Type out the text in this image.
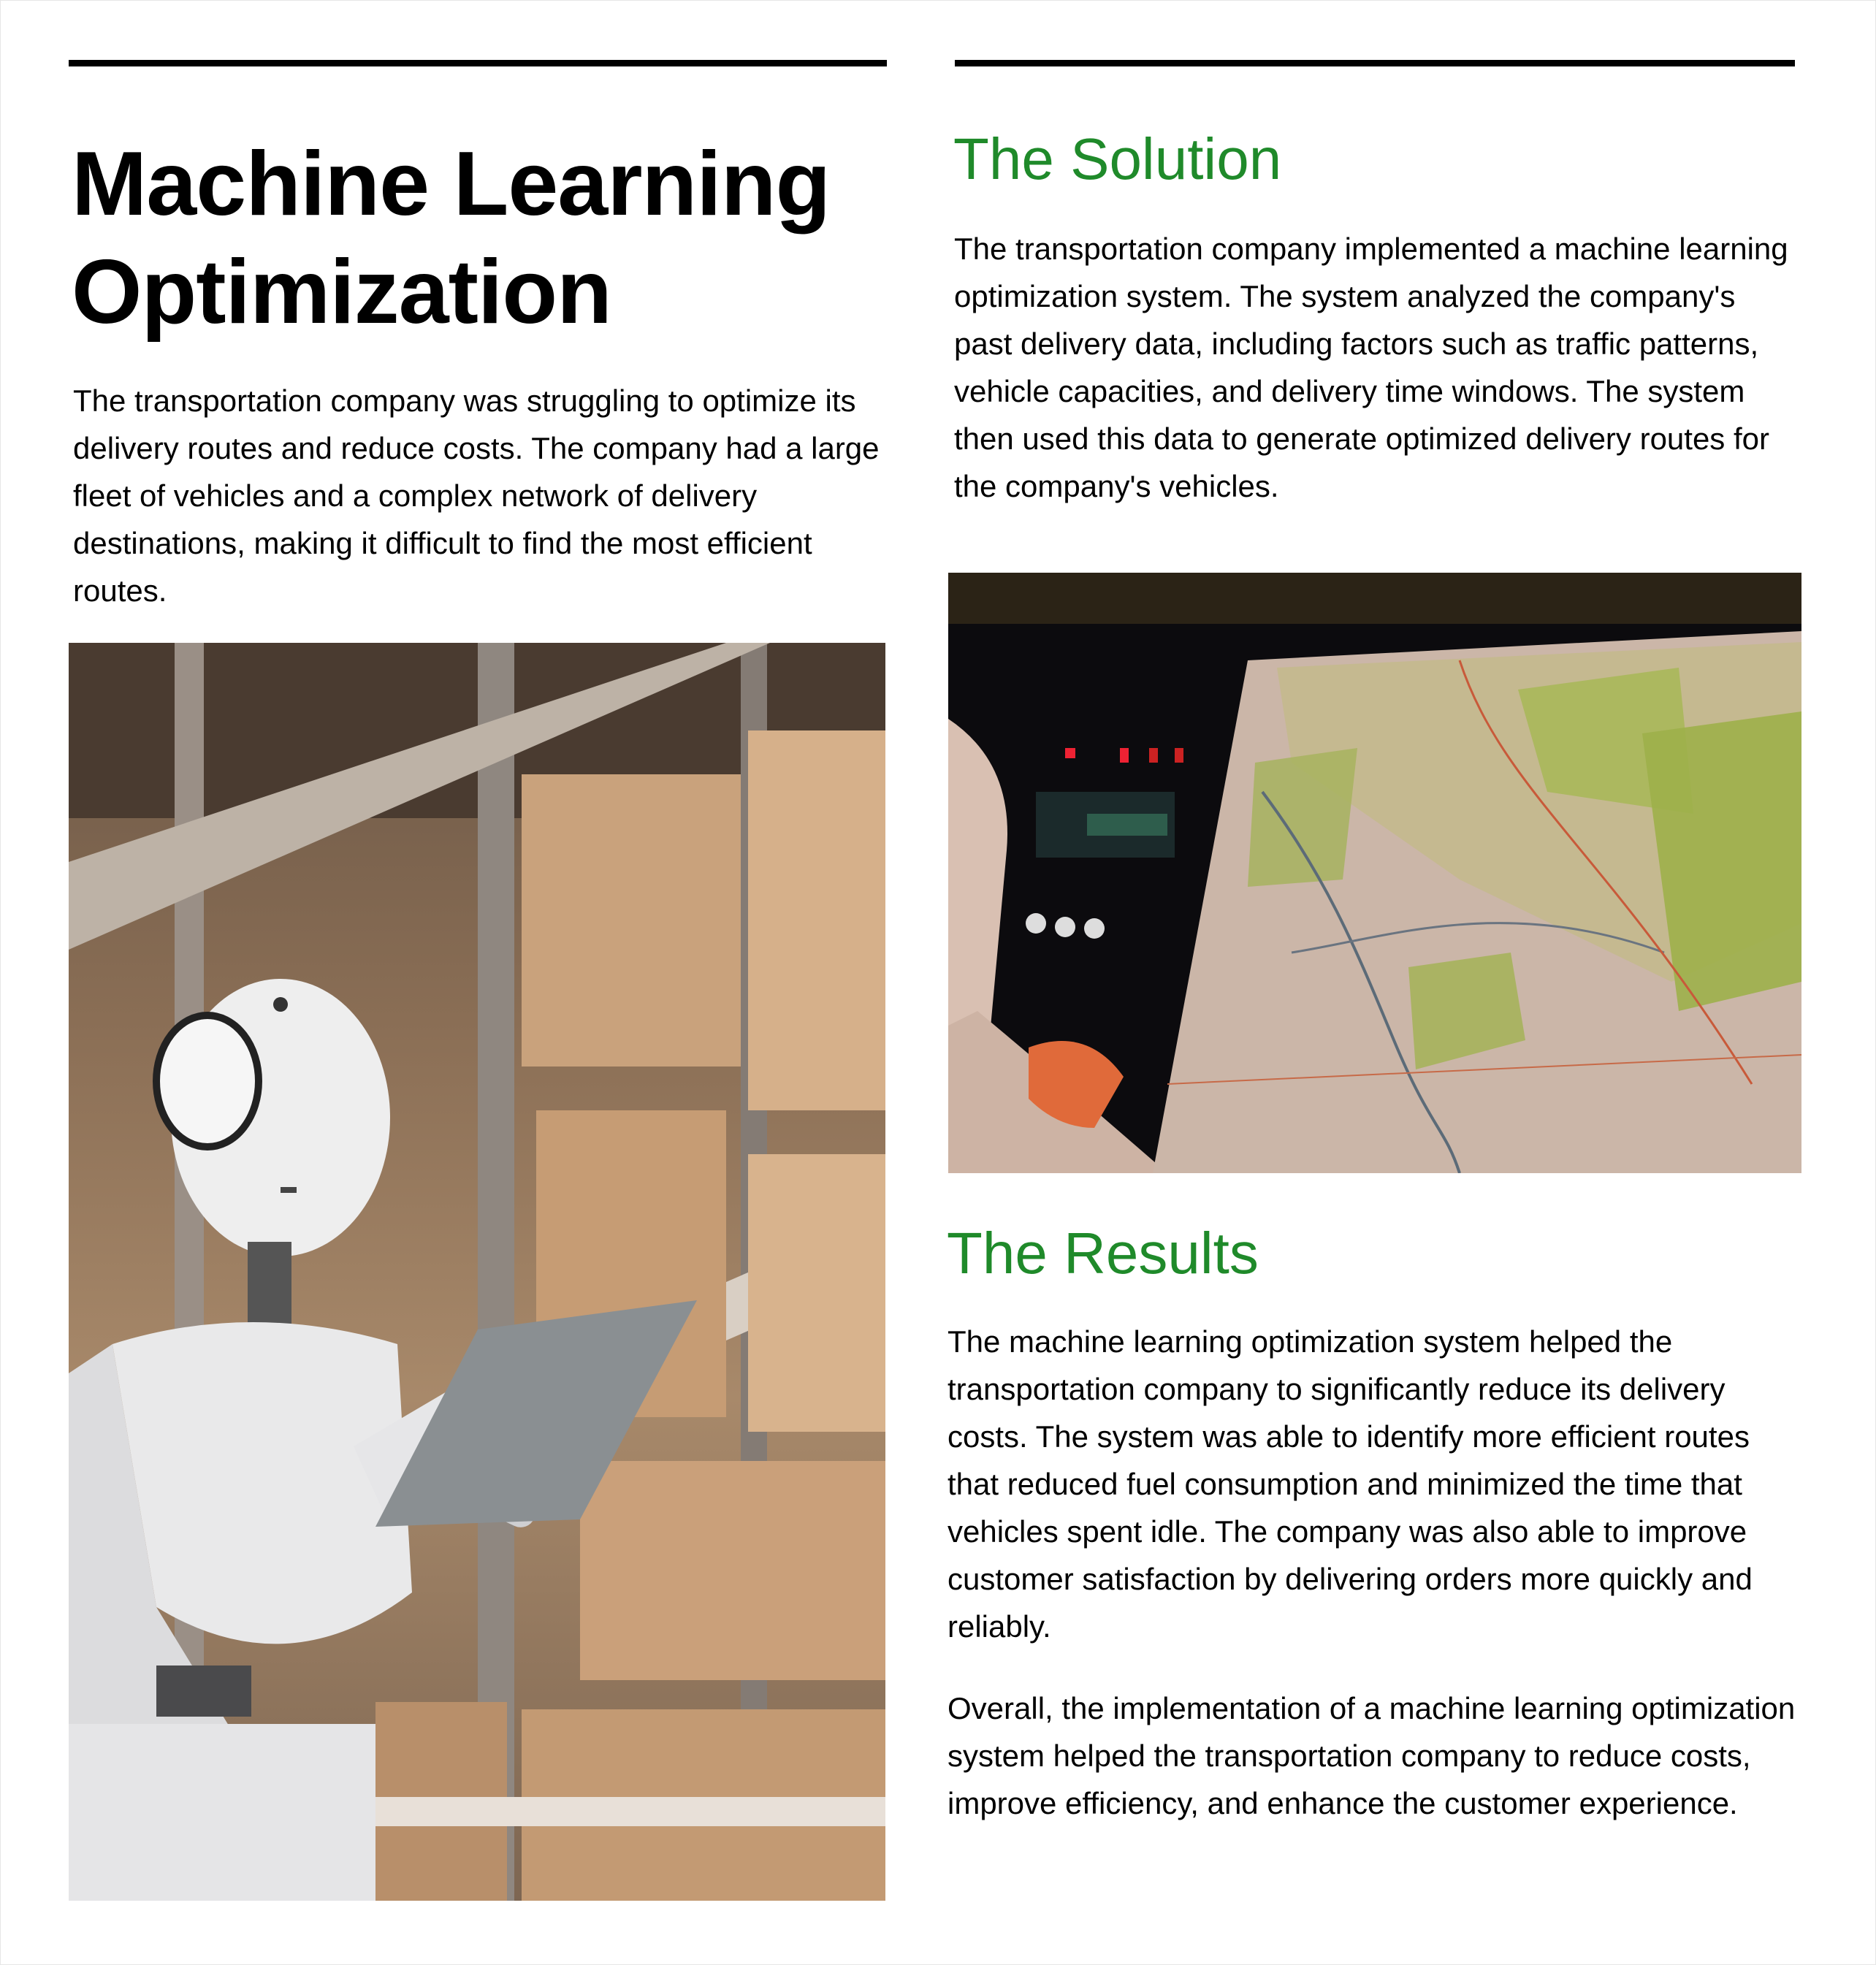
Machine Learning Optimization

The transportation company was struggling to optimize its delivery routes and reduce costs. The company had a large fleet of vehicles and a complex network of delivery destinations, making it difficult to find the most efficient routes.

The Solution

The transportation company implemented a machine learning optimization system. The system analyzed the company's past delivery data, including factors such as traffic patterns, vehicle capacities, and delivery time windows. The system then used this data to generate optimized delivery routes for the company's vehicles.

The Results

The machine learning optimization system helped the transportation company to significantly reduce its delivery costs. The system was able to identify more efficient routes that reduced fuel consumption and minimized the time that vehicles spent idle. The company was also able to improve customer satisfaction by delivering orders more quickly and reliably.

Overall, the implementation of a machine learning optimization system helped the transportation company to reduce costs, improve efficiency, and enhance the customer experience.
